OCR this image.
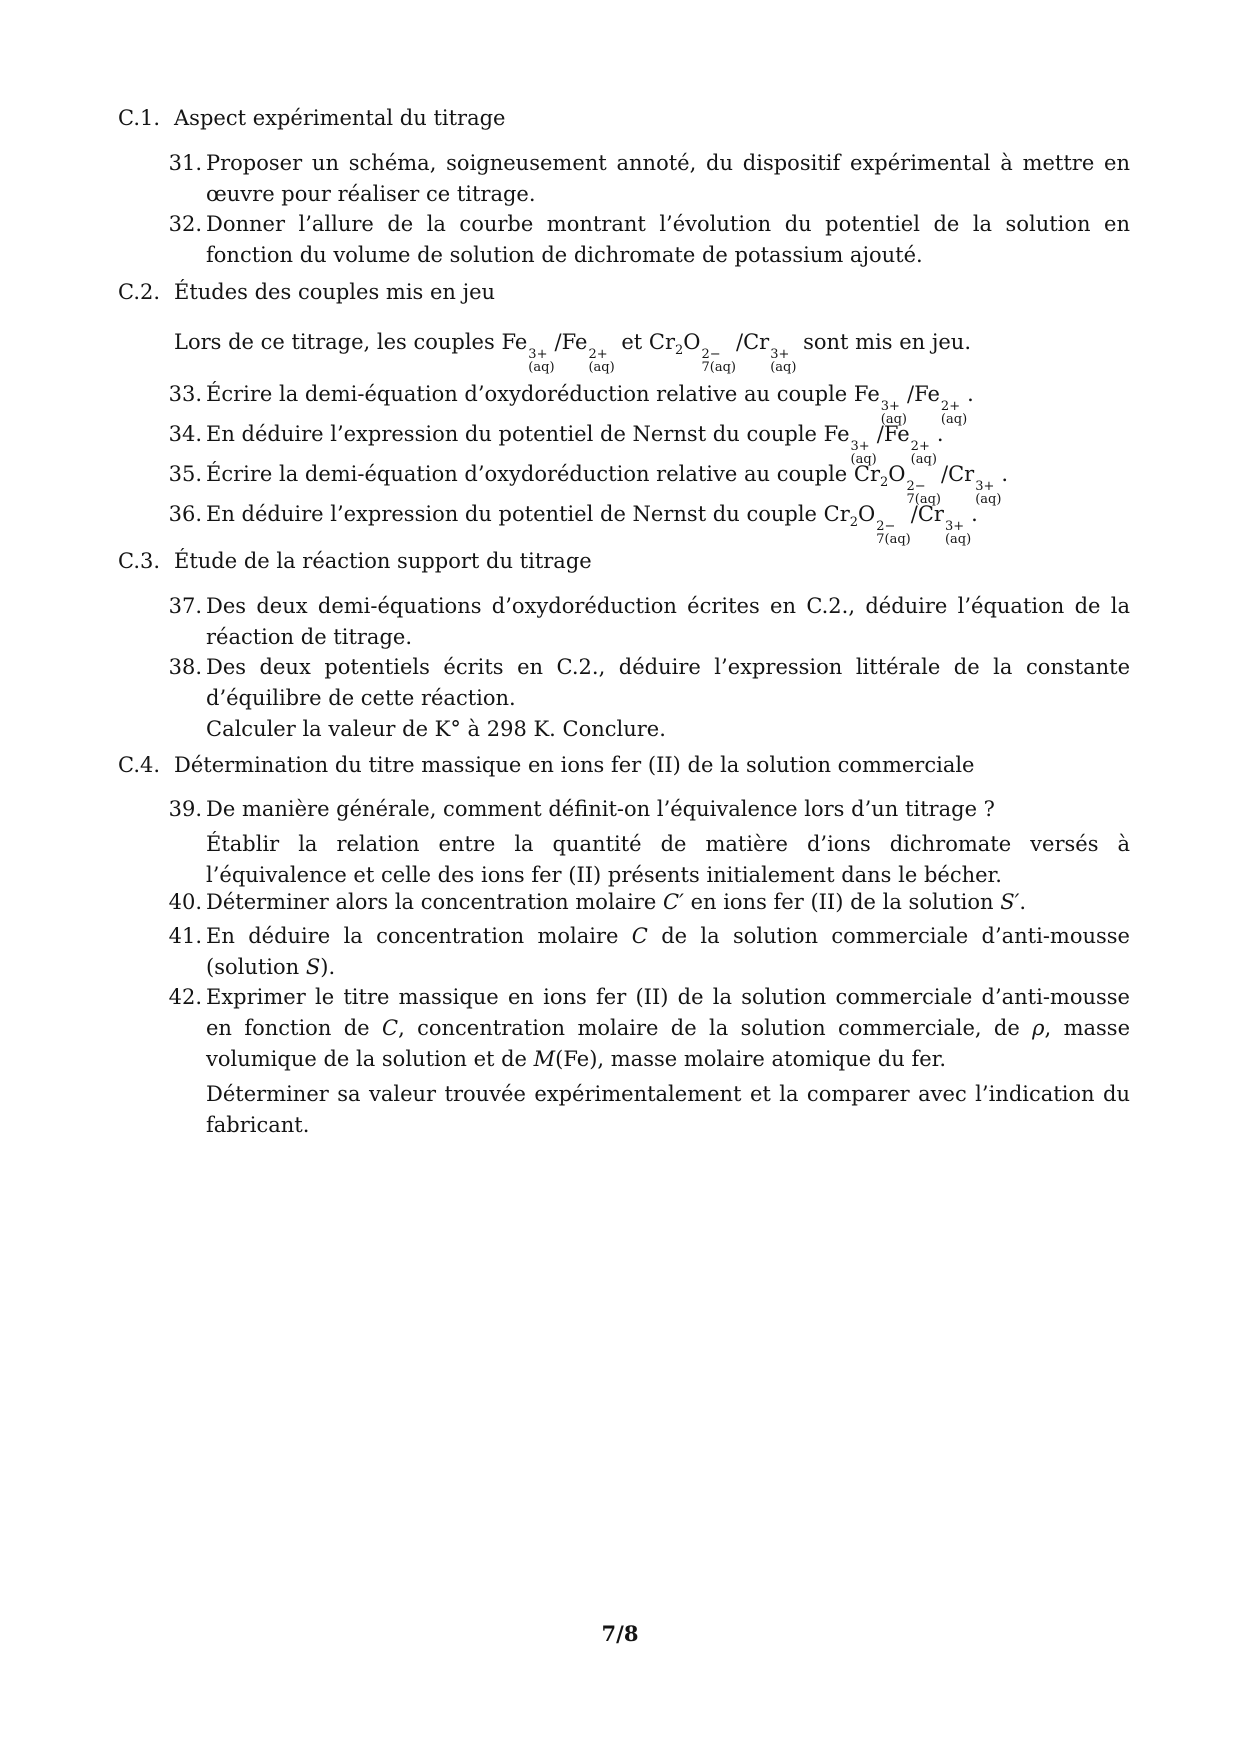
C.1. Aspect expérimental du titrage
31. Proposer un schéma, soigneusement annoté, du dispositif expérimental à mettre en œuvre pour réaliser ce titrage.

32. Donner l’allure de la courbe montrant l’évolution du potentiel de la solution en fonction du volume de solution de dichromate de potassium ajouté.

C.2. Études des couples mis en jeu
Lors de ce titrage, les couples Fe
3+
(aq)
/Fe
2+
(aq)
et $Cr_2O$
2−
7(aq)
/Cr
3+
(aq)
sont mis en jeu.
33. Écrire la demi-équation d’oxydoréduction relative au couple Fe
3+
(aq)
/Fe
2+
(aq)
.

34. En déduire l’expression du potentiel de Nernst du couple Fe
3+
(aq)
/Fe
2+
(aq)
.

35. Écrire la demi-équation d’oxydoréduction relative au couple $Cr_2O$
2−
7(aq)
/Cr
3+
(aq)
.

36. En déduire l’expression du potentiel de Nernst du couple $Cr_2O$
2−
7(aq)
/Cr
3+
(aq)
.

C.3. Étude de la réaction support du titrage
37. Des deux demi-équations d’oxydoréduction écrites en C.2., déduire l’équation de la réaction de titrage.

38. Des deux potentiels écrits en C.2., déduire l’expression littérale de la constante d’équilibre de cette réaction.

Calculer la valeur de K° à 298 K. Conclure.

C.4. Détermination du titre massique en ions fer (II) de la solution commerciale
39. De manière générale, comment définit-on l’équivalence lors d’un titrage ?

Établir la relation entre la quantité de matière d’ions dichromate versés à l’équivalence et celle des ions fer (II) présents initialement dans le bécher.

40. Déterminer alors la concentration molaire C′ en ions fer (II) de la solution S′.

41. En déduire la concentration molaire C de la solution commerciale d’anti-mousse (solution S).

42. Exprimer le titre massique en ions fer (II) de la solution commerciale d’anti-mousse en fonction de C, concentration molaire de la solution commerciale, de ρ, masse volumique de la solution et de M(Fe), masse molaire atomique du fer.

Déterminer sa valeur trouvée expérimentalement et la comparer avec l’indication du fabricant.

7/8
